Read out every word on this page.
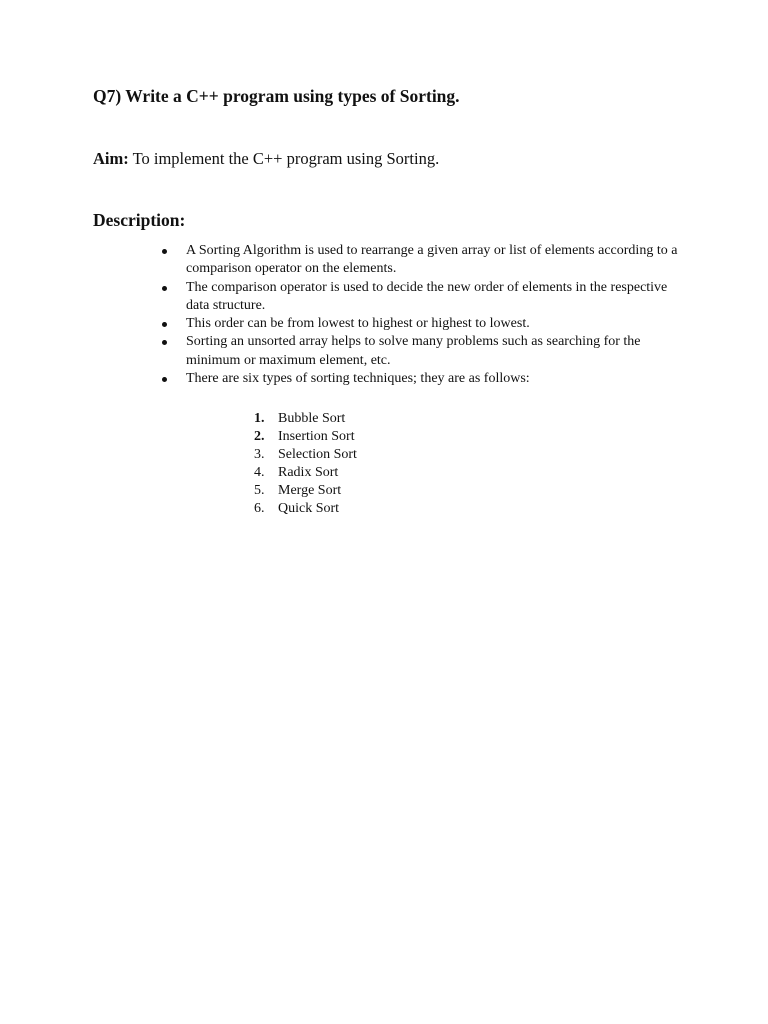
Q7) Write a C++ program using types of Sorting.

Aim: To implement the C++ program using Sorting.

Description:
A Sorting Algorithm is used to rearrange a given array or list of elements according to a comparison operator on the elements.
The comparison operator is used to decide the new order of elements in the respective data structure.
This order can be from lowest to highest or highest to lowest.
Sorting an unsorted array helps to solve many problems such as searching for the minimum or maximum element, etc.
There are six types of sorting techniques; they are as follows:
1. Bubble Sort
2. Insertion Sort
3. Selection Sort
4. Radix Sort
5. Merge Sort
6. Quick Sort
